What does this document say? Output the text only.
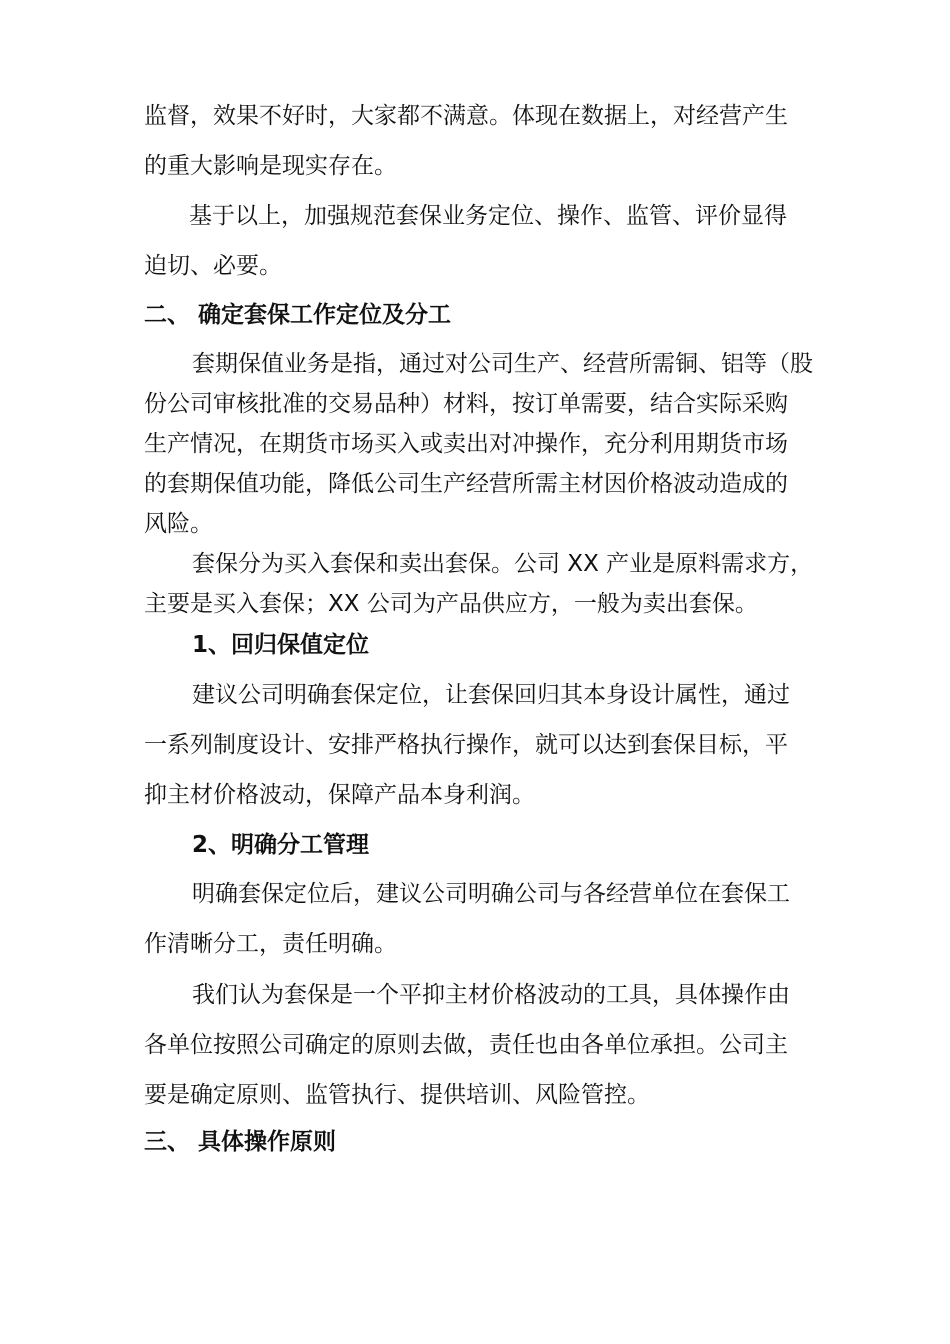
监督，效果不好时，大家都不满意。体现在数据上，对经营产生
的重大影响是现实存在。
基于以上，加强规范套保业务定位、操作、监管、评价显得
迫切、必要。
二、 确定套保工作定位及分工
套期保值业务是指，通过对公司生产、经营所需铜、铝等（股
份公司审核批准的交易品种）材料，按订单需要，结合实际采购
生产情况，在期货市场买入或卖出对冲操作，充分利用期货市场
的套期保值功能，降低公司生产经营所需主材因价格波动造成的
风险。
套保分为买入套保和卖出套保。公司 XX 产业是原料需求方，
主要是买入套保；XX 公司为产品供应方，一般为卖出套保。
1、回归保值定位
建议公司明确套保定位，让套保回归其本身设计属性，通过
一系列制度设计、安排严格执行操作，就可以达到套保目标，平
抑主材价格波动，保障产品本身利润。
2、明确分工管理
明确套保定位后，建议公司明确公司与各经营单位在套保工
作清晰分工，责任明确。
我们认为套保是一个平抑主材价格波动的工具，具体操作由
各单位按照公司确定的原则去做，责任也由各单位承担。公司主
要是确定原则、监管执行、提供培训、风险管控。
三、 具体操作原则
